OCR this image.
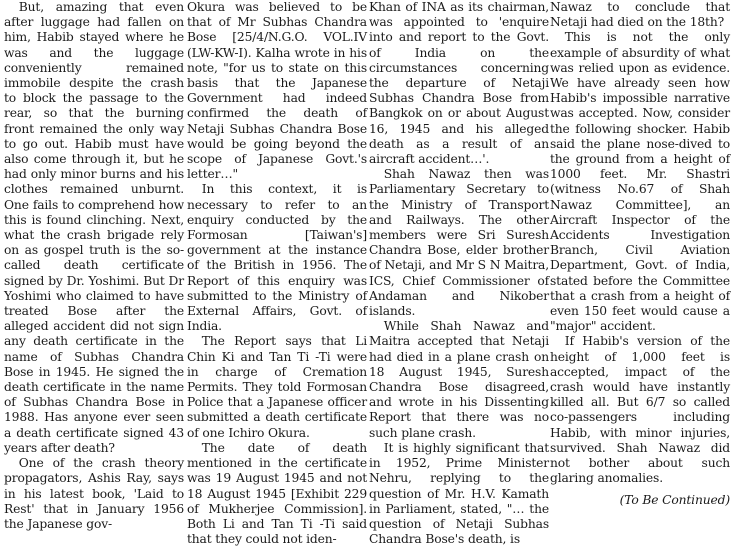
But, amazing that even after luggage had fallen on him, Habib stayed where he was and the luggage conveniently remained immobile despite the crash to block the passage to the rear, so that the burning front remained the only way to go out. Habib must have also come through it, but he had only minor burns and his clothes remained unburnt. One fails to comprehend how this is found clinching. Next, what the crash brigade rely on as gospel truth is the so-called death certificate signed by Dr. Yoshimi. But Dr Yoshimi who claimed to have treated Bose after the alleged accident did not sign any death certificate in the name of Subhas Chandra Bose in 1945. He signed the death certificate in the name of Subhas Chandra Bose in 1988. Has anyone ever seen a death certificate signed 43 years after death?

One of the crash theory propagators, Ashis Ray, says in his latest book, 'Laid to Rest' that in January 1956 the Japanese gov-

Okura was believed to be that of Mr Subhas Chandra Bose [25/4/N.G.O. VOL.IV (LW-KW-I). Kalha wrote in his note, "for us to state on this basis that the Japanese Government had indeed confirmed the death of Netaji Subhas Chandra Bose would be going beyond the scope of Japanese Govt.'s letter…"

In this context, it is necessary to refer to an enquiry conducted by the Formosan [Taiwan's] government at the instance of the British in 1956. The Report of this enquiry was submitted to the Ministry of External Affairs, Govt. of India.

The Report says that Li Chin Ki and Tan Ti -Ti were in charge of Cremation Permits. They told Formosan Police that a Japanese officer submitted a death certificate of one Ichiro Okura.

The date of death mentioned in the certificate was 19 August 1945 and not 18 August 1945 [Exhibit 229 of Mukherjee Commission]. Both Li and Tan Ti -Ti said that they could not iden-

Khan of INA as its chairman, was appointed to 'enquire into and report to the Govt. of India on the circumstances concerning the departure of Netaji Subhas Chandra Bose from Bangkok on or about August 16, 1945 and his alleged death as a result of an aircraft accident…'.

Shah Nawaz then was Parliamentary Secretary to the Ministry of Transport and Railways. The other members were Sri Suresh Chandra Bose, elder brother of Netaji, and Mr S N Maitra, ICS, Chief Commissioner of Andaman and Nikober islands.

While Shah Nawaz and Maitra accepted that Netaji had died in a plane crash on 18 August 1945, Suresh Chandra Bose disagreed, and wrote in his Dissenting Report that there was no such plane crash.

It is highly significant that in 1952, Prime Minister Nehru, replying to the question of Mr. H.V. Kamath in Parliament, stated, "… the question of Netaji Subhas Chandra Bose's death, is

Nawaz to conclude that Netaji had died on the 18th?

This is not the only example of absurdity of what was relied upon as evidence. We have already seen how Habib's impossible narrative was accepted. Now, consider the following shocker. Habib said the plane nose-dived to the ground from a height of 1000 feet. Mr. Shastri (witness No.67 of Shah Nawaz Committee], an Aircraft Inspector of the Accidents Investigation Branch, Civil Aviation Department, Govt. of India, stated before the Committee that a crash from a height of even 150 feet would cause a "major" accident.

If Habib's version of the height of 1,000 feet is accepted, impact of the crash would have instantly killed all. But 6/7 so called co-passengers including Habib, with minor injuries, survived. Shah Nawaz did not bother about such glaring anomalies.

(To Be Continued)
